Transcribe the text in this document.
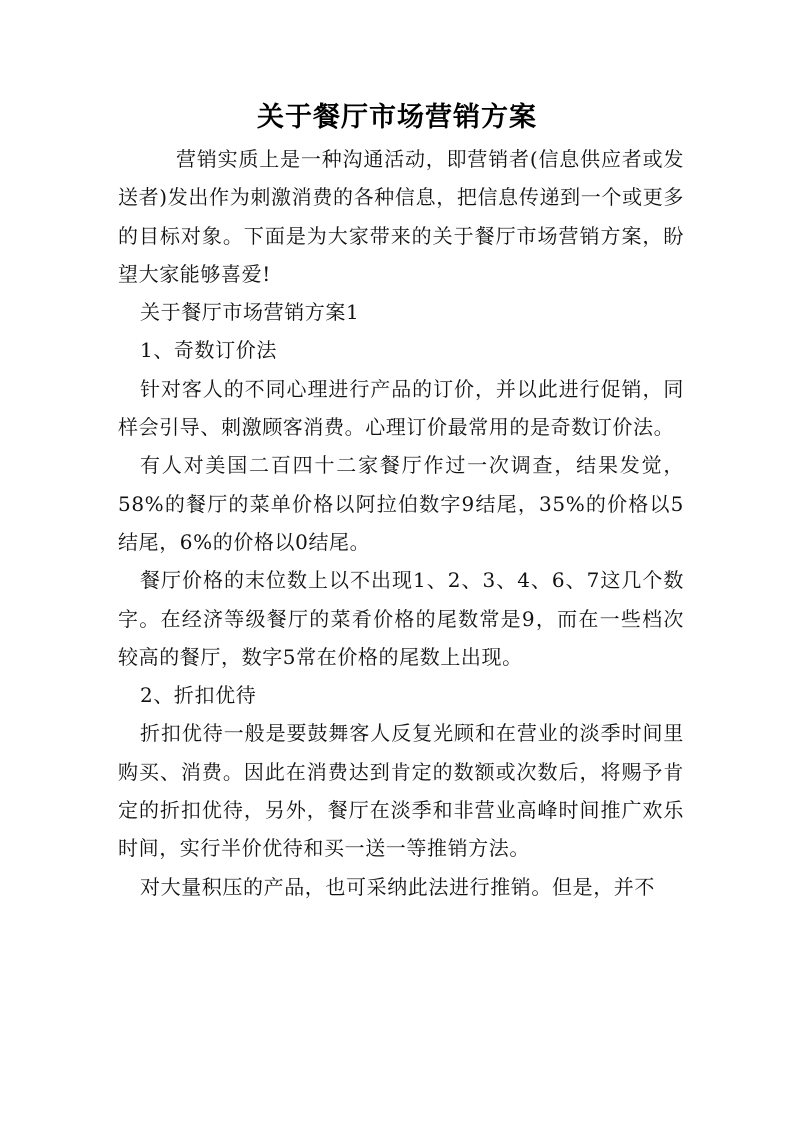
关于餐厅市场营销方案

营销实质上是一种沟通活动，即营销者(信息供应者或发送者)发出作为刺激消费的各种信息，把信息传递到一个或更多的目标对象。下面是为大家带来的关于餐厅市场营销方案，盼望大家能够喜爱!

关于餐厅市场营销方案1

1、奇数订价法

针对客人的不同心理进行产品的订价，并以此进行促销，同样会引导、刺激顾客消费。心理订价最常用的是奇数订价法。

有人对美国二百四十二家餐厅作过一次调查，结果发觉，58%的餐厅的菜单价格以阿拉伯数字9结尾，35%的价格以5结尾，6%的价格以0结尾。

餐厅价格的末位数上以不出现1、2、3、4、6、7这几个数字。在经济等级餐厅的菜肴价格的尾数常是9，而在一些档次较高的餐厅，数字5常在价格的尾数上出现。

2、折扣优待

折扣优待一般是要鼓舞客人反复光顾和在营业的淡季时间里购买、消费。因此在消费达到肯定的数额或次数后，将赐予肯定的折扣优待，另外，餐厅在淡季和非营业高峰时间推广欢乐时间，实行半价优待和买一送一等推销方法。

对大量积压的产品，也可采纳此法进行推销。但是，并不
